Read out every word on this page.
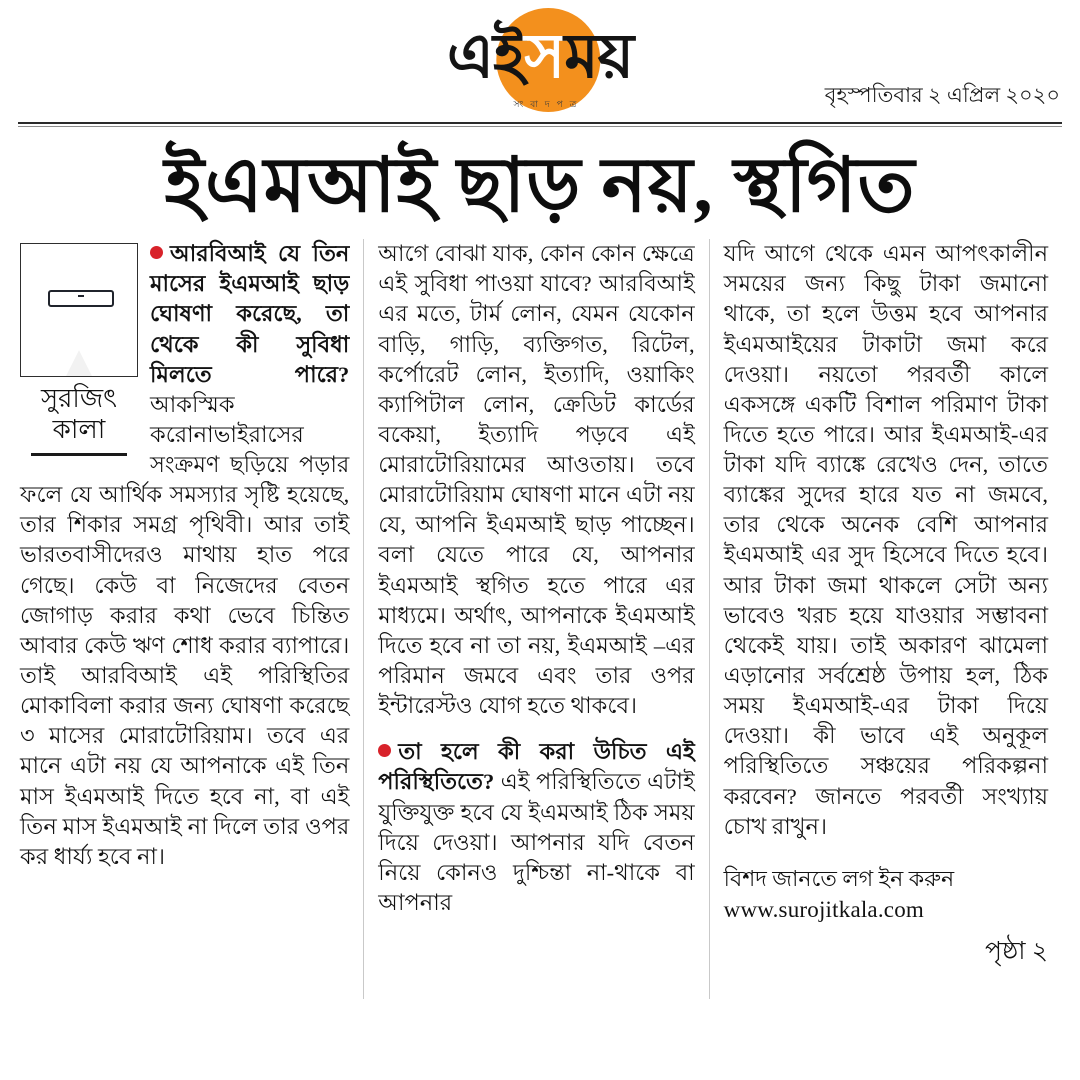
এইসময়
সংবাদপত্র	বৃহস্পতিবার ২ এপ্রিল ২০২০
ইএমআই ছাড় নয়, স্থগিত
সুরজিৎ
কালা

আরবিআই যে তিন মাসের ইএমআই ছাড় ঘোষণা করেছে, তা থেকে কী সুবিধা মিলতে পারে? আকস্মিক করোনাভাইরাসের সংক্রমণ ছড়িয়ে পড়ার ফলে যে আর্থিক সমস্যার সৃষ্টি হয়েছে, তার শিকার সমগ্র পৃথিবী। আর তাই ভারতবাসীদেরও মাথায় হাত পরে গেছে। কেউ বা নিজেদের বেতন জোগাড় করার কথা ভেবে চিন্তিত আবার কেউ ঋণ শোধ করার ব্যাপারে। তাই আরবিআই এই পরিস্থিতির মোকাবিলা করার জন্য ঘোষণা করেছে ৩ মাসের মোরাটোরিয়াম। তবে এর মানে এটা নয় যে আপনাকে এই তিন মাস ইএমআই দিতে হবে না, বা এই তিন মাস ইএমআই না দিলে তার ওপর কর ধার্য্য হবে না।

আগে বোঝা যাক, কোন কোন ক্ষেত্রে এই সুবিধা পাওয়া যাবে? আরবিআই এর মতে, টার্ম লোন, যেমন যেকোন বাড়ি, গাড়ি, ব্যক্তিগত, রিটেল, কর্পোরেট লোন, ইত্যাদি, ওয়াকিং ক্যাপিটাল লোন, ক্রেডিট কার্ডের বকেয়া, ইত্যাদি পড়বে এই মোরাটোরিয়ামের আওতায়। তবে মোরাটোরিয়াম ঘোষণা মানে এটা নয় যে, আপনি ইএমআই ছাড় পাচ্ছেন। বলা যেতে পারে যে, আপনার ইএমআই স্থগিত হতে পারে এর মাধ্যমে। অর্থাৎ, আপনাকে ইএমআই দিতে হবে না তা নয়, ইএমআই –এর পরিমান জমবে এবং তার ওপর ইন্টারেস্টও যোগ হতে থাকবে।

তা হলে কী করা উচিত এই পরিস্থিতিতে? এই পরিস্থিতিতে এটাই যুক্তিযুক্ত হবে যে ইএমআই ঠিক সময় দিয়ে দেওয়া। আপনার যদি বেতন নিয়ে কোনও দুশ্চিন্তা না-থাকে বা আপনার

যদি আগে থেকে এমন আপৎকালীন সময়ের জন্য কিছু টাকা জমানো থাকে, তা হলে উত্তম হবে আপনার ইএমআইয়ের টাকাটা জমা করে দেওয়া। নয়তো পরবর্তী কালে একসঙ্গে একটি বিশাল পরিমাণ টাকা দিতে হতে পারে। আর ইএমআই-এর টাকা যদি ব্যাঙ্কে রেখেও দেন, তাতে ব্যাঙ্কের সুদের হারে যত না জমবে, তার থেকে অনেক বেশি আপনার ইএমআই এর সুদ হিসেবে দিতে হবে। আর টাকা জমা থাকলে সেটা অন্য ভাবেও খরচ হয়ে যাওয়ার সম্ভাবনা থেকেই যায়। তাই অকারণ ঝামেলা এড়ানোর সর্বশ্রেষ্ঠ উপায় হল, ঠিক সময় ইএমআই-এর টাকা দিয়ে দেওয়া। কী ভাবে এই অনুকূল পরিস্থিতিতে সঞ্চয়ের পরিকল্পনা করবেন? জানতে পরবর্তী সংখ্যায় চোখ রাখুন।

বিশদ জানতে লগ ইন করুন
www.surojitkala.com
পৃষ্ঠা ২
